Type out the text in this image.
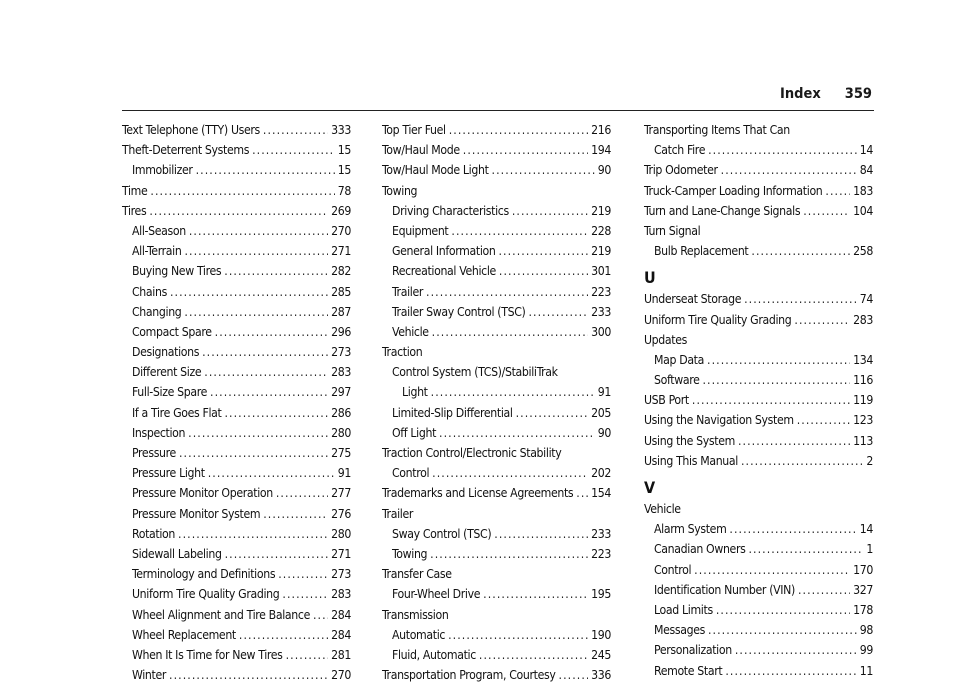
Index 359
Text Telephone (TTY) Users . . .	333
Theft-Deterrent Systems . . .	15
Immobilizer . . .	15
Time . . .	78
Tires . . .	269
All-Season . . .	270
All-Terrain . . .	271
Buying New Tires . . .	282
Chains . . .	285
Changing . . .	287
Compact Spare . . .	296
Designations . . .	273
Different Size . . .	283
Full-Size Spare . . .	297
If a Tire Goes Flat . . .	286
Inspection . . .	280
Pressure . . .	275
Pressure Light . . .	91
Pressure Monitor Operation . . .	277
Pressure Monitor System . . .	276
Rotation . . .	280
Sidewall Labeling . . .	271
Terminology and Definitions . . .	273
Uniform Tire Quality Grading . . .	283
Wheel Alignment and Tire Balance . . . 284
Wheel Replacement . . .	284
When It Is Time for New Tires . . .	281
Winter . . .	270
Top Tier Fuel . . .	216
Tow/Haul Mode . . .	194
Tow/Haul Mode Light . . .	90
Towing
Driving Characteristics . . .	219
Equipment . . .	228
General Information . . .	219
Recreational Vehicle . . .	301
Trailer . . .	223
Trailer Sway Control (TSC) . . .	233
Vehicle . . .	300
Traction
Control System (TCS)/StabiliTrak
Light . . .	91
Limited-Slip Differential . . .	205
Off Light . . .	90
Traction Control/Electronic Stability
Control . . .	202
Trademarks and License Agreements . . . 154
Trailer
Sway Control (TSC) . . .	233
Towing . . .	223
Transfer Case
Four-Wheel Drive . . .	195
Transmission
Automatic . . .	190
Fluid, Automatic . . .	245
Transportation Program, Courtesy . . .	336
Transporting Items That Can
Catch Fire . . .	14
Trip Odometer . . .	84
Truck-Camper Loading Information . . .	183
Turn and Lane-Change Signals . . .	104
Turn Signal
Bulb Replacement . . .	258
U
Underseat Storage . . .	74
Uniform Tire Quality Grading . . .	283
Updates
Map Data . . .	134
Software . . .	116
USB Port . . .	119
Using the Navigation System . . .	123
Using the System . . .	113
Using This Manual . . .	2
V
Vehicle
Alarm System . . .	14
Canadian Owners . . .	1
Control . . .	170
Identification Number (VIN) . . .	327
Load Limits . . .	178
Messages . . .	98
Personalization . . .	99
Remote Start . . .	11
